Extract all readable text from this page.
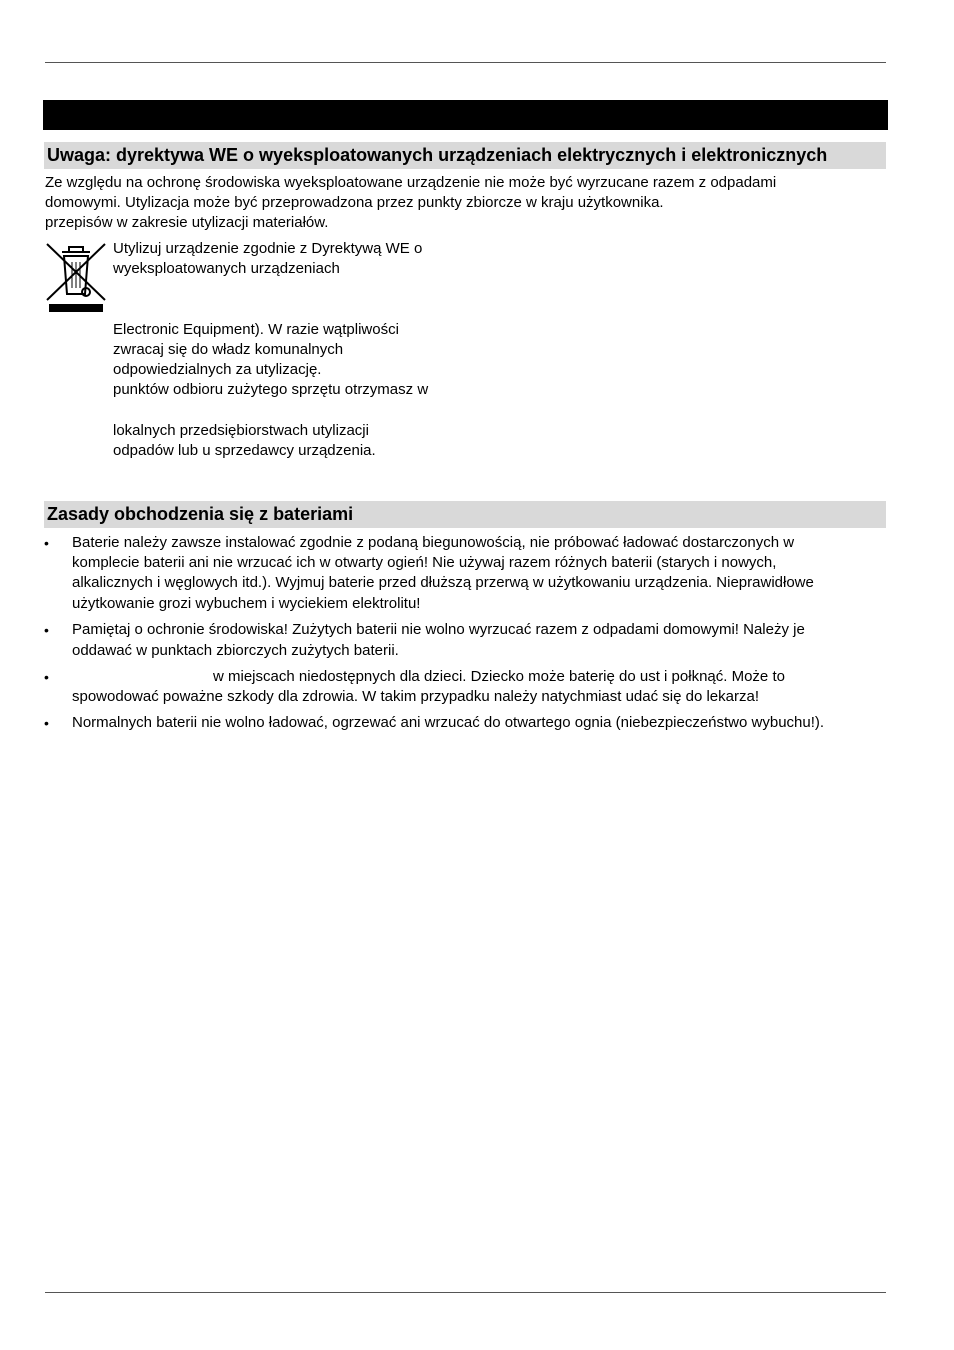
Uwaga: dyrektywa WE o wyeksploatowanych urządzeniach elektrycznych i elektronicznych
Ze względu na ochronę środowiska wyeksploatowane urządzenie nie może być wyrzucane razem z odpadami
domowymi. Utylizacja może być przeprowadzona przez punkty zbiorcze w kraju użytkownika.
przepisów w zakresie utylizacji materiałów.
Utylizuj urządzenie zgodnie z Dyrektywą WE o
wyeksploatowanych urządzeniach
Electronic Equipment). W razie wątpliwości
zwracaj się do władz komunalnych
odpowiedzialnych za utylizację.
punktów odbioru zużytego sprzętu otrzymasz w
lokalnych przedsiębiorstwach utylizacji
odpadów lub u sprzedawcy urządzenia.
Zasady obchodzenia się z bateriami
• Baterie należy zawsze instalować zgodnie z podaną biegunowością, nie próbować ładować dostarczonych w
komplecie baterii ani nie wrzucać ich w otwarty ogień! Nie używaj razem różnych baterii (starych i nowych,
alkalicznych i węglowych itd.). Wyjmuj baterie przed dłuższą przerwą w użytkowaniu urządzenia. Nieprawidłowe
użytkowanie grozi wybuchem i wyciekiem elektrolitu!
• Pamiętaj o ochronie środowiska! Zużytych baterii nie wolno wyrzucać razem z odpadami domowymi! Należy je
oddawać w punktach zbiorczych zużytych baterii.
•	w miejscach niedostępnych dla dzieci. Dziecko może baterię do ust i połknąć. Może to
spowodować poważne szkody dla zdrowia. W takim przypadku należy natychmiast udać się do lekarza!
• Normalnych baterii nie wolno ładować, ogrzewać ani wrzucać do otwartego ognia (niebezpieczeństwo wybuchu!).
